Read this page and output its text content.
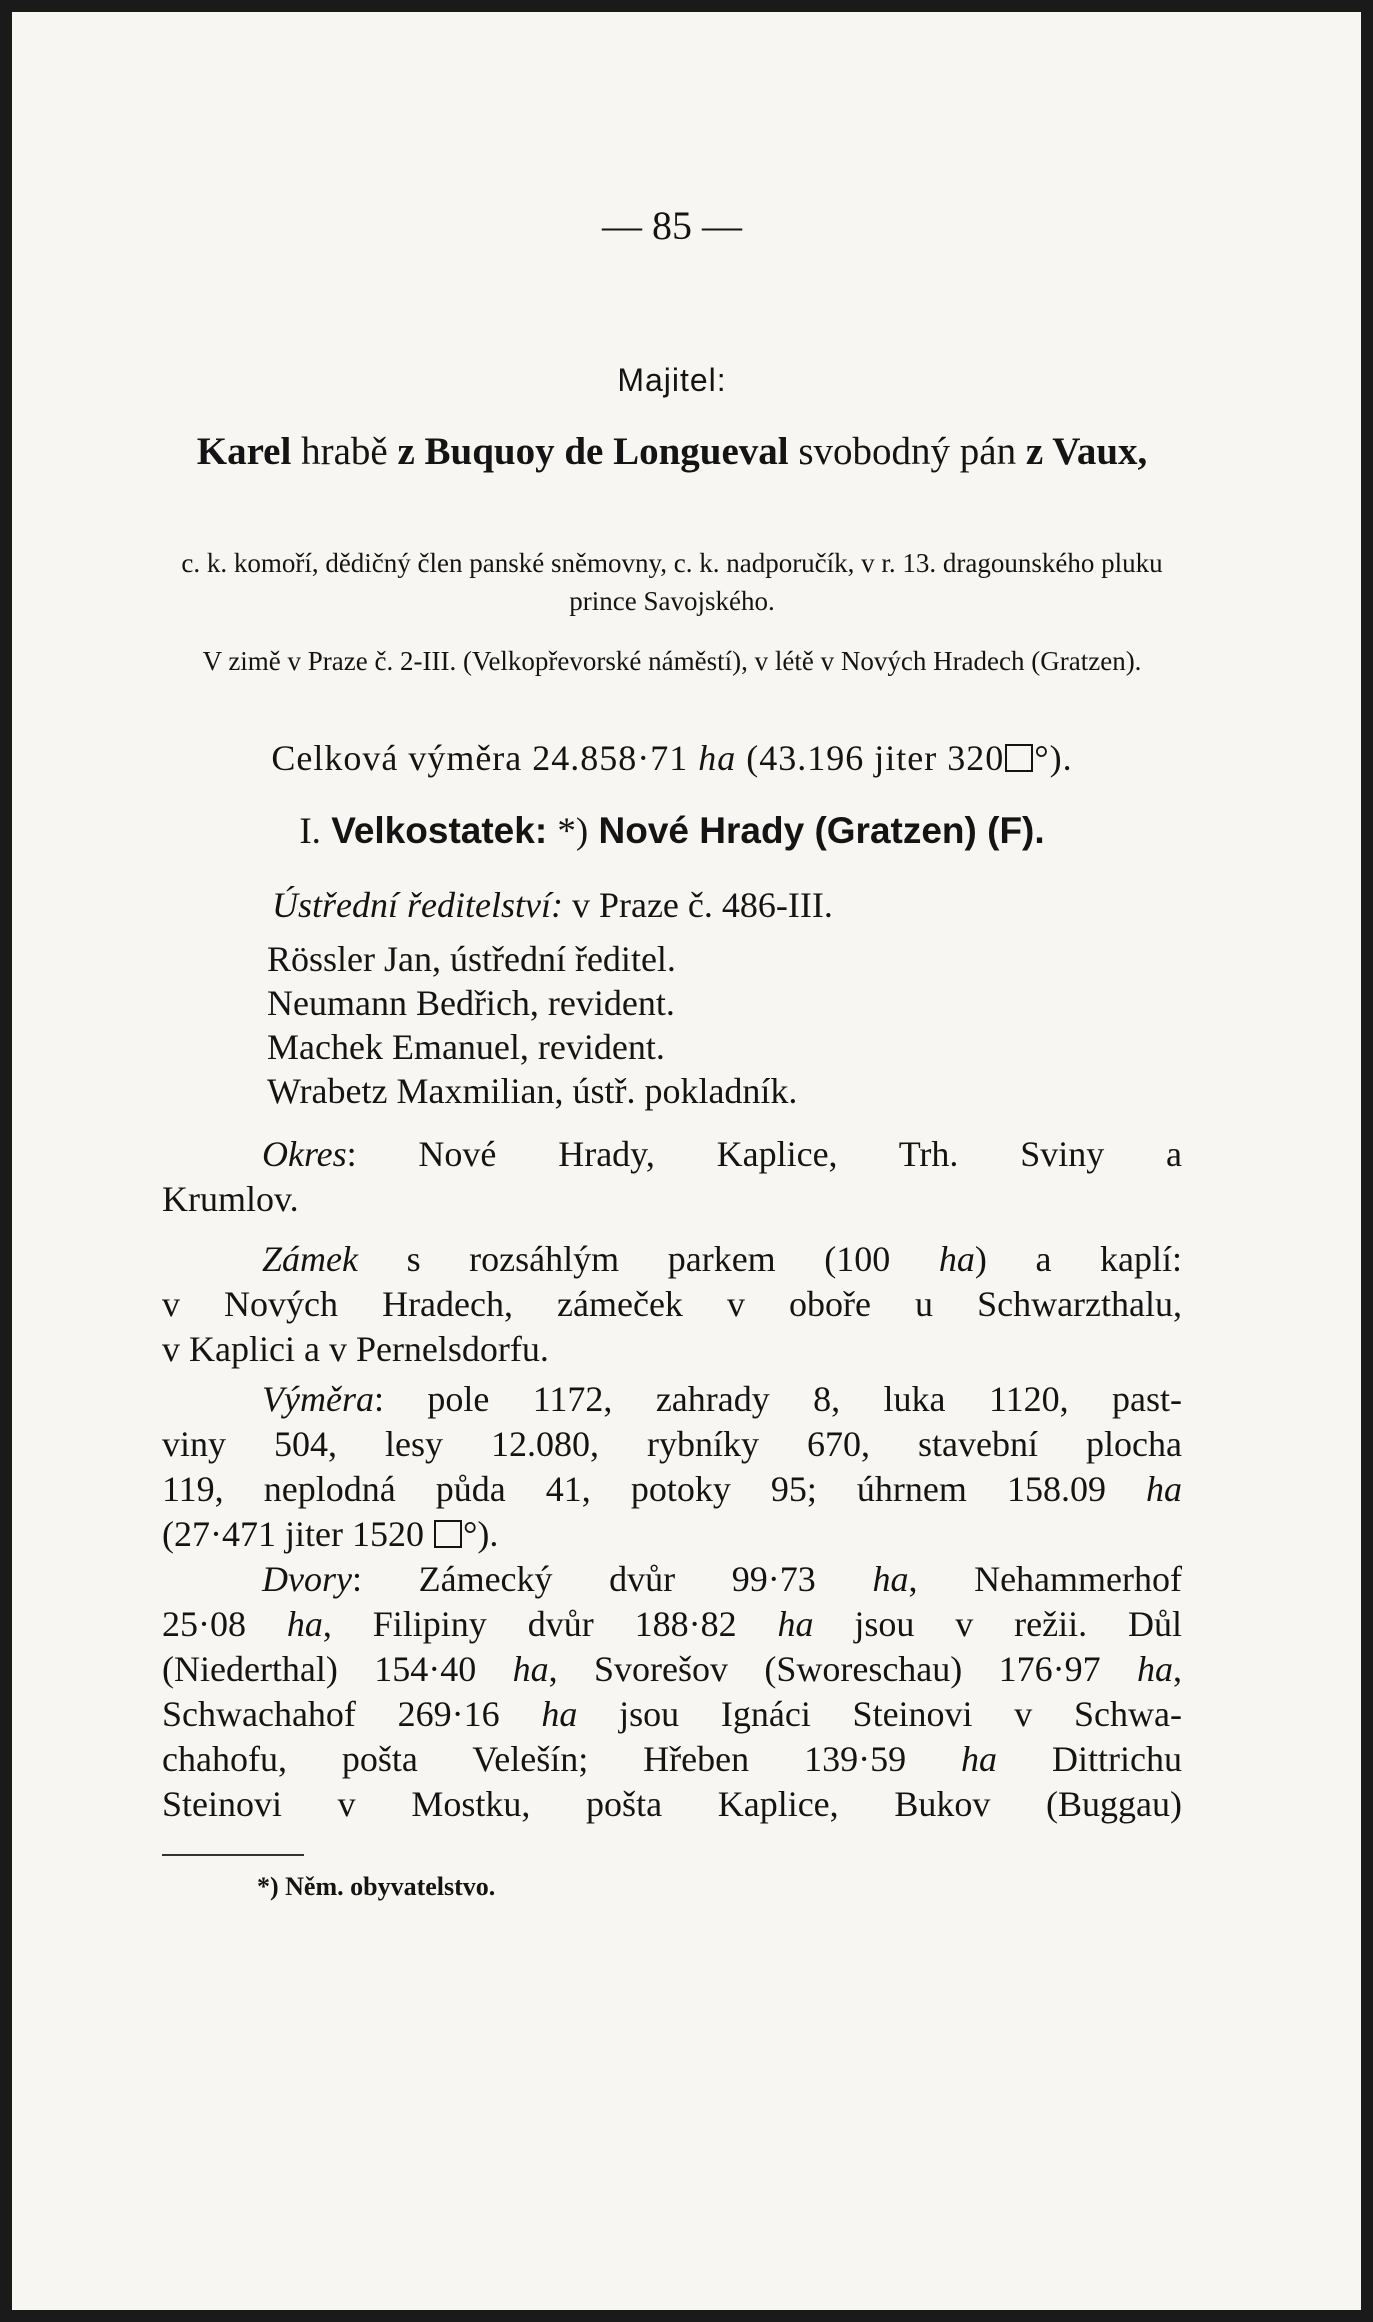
— 85 —
Majitel:
Karel hrabě z Buquoy de Longueval svobodný pán z Vaux,
c. k. komoří, dědičný člen panské sněmovny, c. k. nadporučík, v r. 13. dragounského pluku prince Savojského.
V zimě v Praze č. 2-III. (Velkopřevorské náměstí), v létě v Nových Hradech (Gratzen).
Celková výměra 24.858·71 ha (43.196 jiter 320 °).
I. Velkostatek: *) Nové Hrady (Gratzen) (F).
Ústřední ředitelství: v Praze č. 486-III.
Rössler Jan, ústřední ředitel.
Neumann Bedřich, revident.
Machek Emanuel, revident.
Wrabetz Maxmilian, ústř. pokladník.
Okres: Nové Hrady, Kaplice, Trh. Sviny a
Krumlov.
Zámek s rozsáhlým parkem (100 ha) a kaplí:
v Nových Hradech, zámeček v oboře u Schwarzthalu,
v Kaplici a v Pernelsdorfu.
Výměra: pole 1172, zahrady 8, luka 1120, past-
viny 504, lesy 12.080, rybníky 670, stavební plocha
119, neplodná půda 41, potoky 95; úhrnem 158.09 ha
(27·471 jiter 1520 °).
Dvory: Zámecký dvůr 99·73 ha, Nehammerhof
25·08 ha, Filipiny dvůr 188·82 ha jsou v režii. Důl
(Niederthal) 154·40 ha, Svorešov (Sworeschau) 176·97 ha,
Schwachahof 269·16 ha jsou Ignáci Steinovi v Schwa-
chahofu, pošta Velešín; Hřeben 139·59 ha Dittrichu
Steinovi v Mostku, pošta Kaplice, Bukov (Buggau)
*) Něm. obyvatelstvo.
